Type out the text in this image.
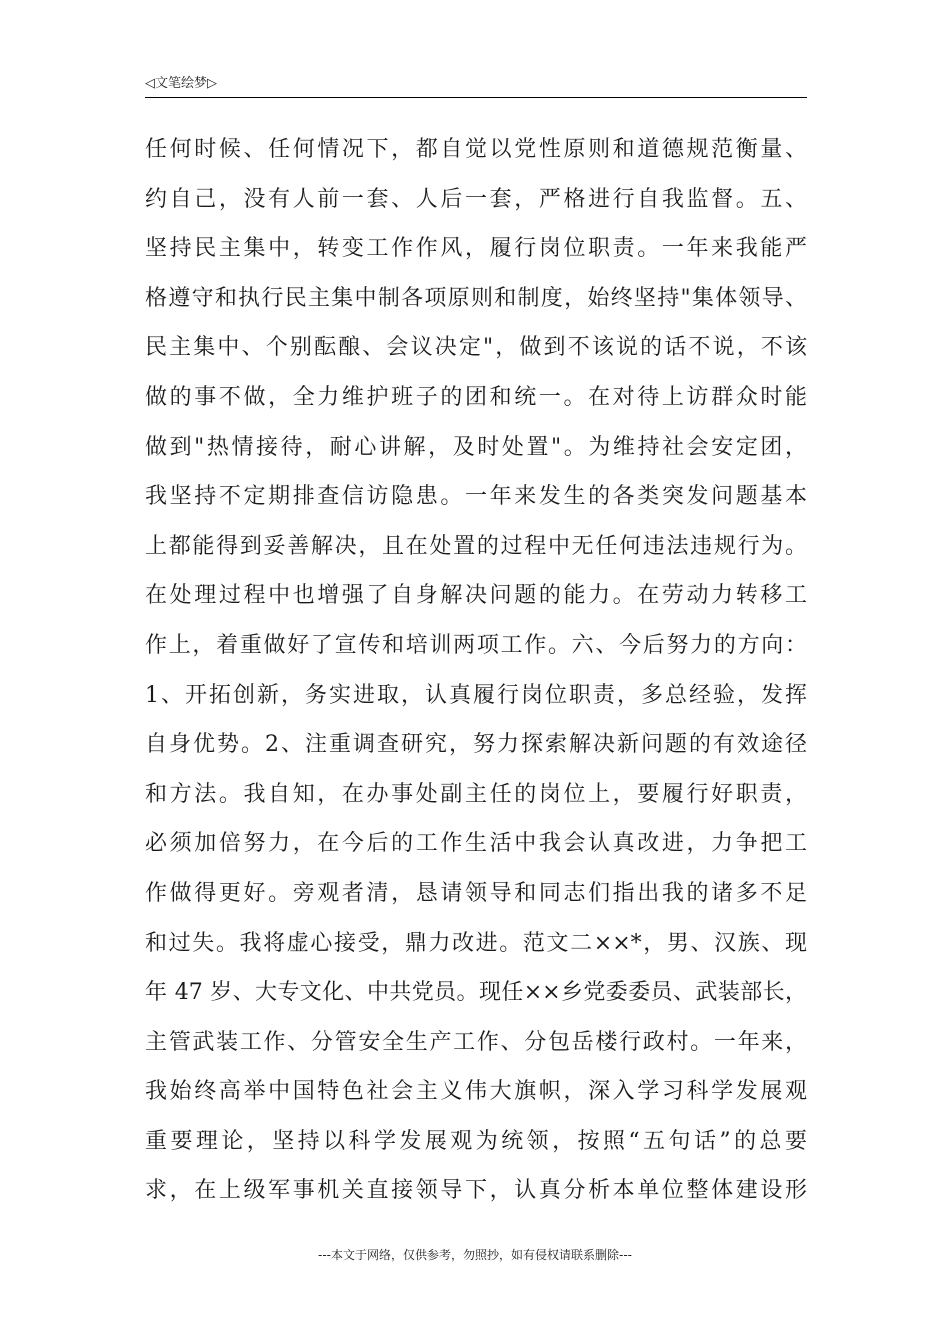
◁文笔绘梦▷
任何时候、任何情况下，都自觉以党性原则和道德规范衡量、
约自己，没有人前一套、人后一套，严格进行自我监督。五、
坚持民主集中，转变工作作风，履行岗位职责。一年来我能严
格遵守和执行民主集中制各项原则和制度，始终坚持"集体领导、
民主集中、个别酝酿、会议决定"，做到不该说的话不说，不该
做的事不做，全力维护班子的团和统一。在对待上访群众时能
做到"热情接待，耐心讲解，及时处置"。为维持社会安定团，
我坚持不定期排查信访隐患。一年来发生的各类突发问题基本
上都能得到妥善解决，且在处置的过程中无任何违法违规行为。
在处理过程中也增强了自身解决问题的能力。在劳动力转移工
作上，着重做好了宣传和培训两项工作。六、今后努力的方向：
1、开拓创新，务实进取，认真履行岗位职责，多总经验，发挥
自身优势。2、注重调查研究，努力探索解决新问题的有效途径
和方法。我自知，在办事处副主任的岗位上，要履行好职责，
必须加倍努力，在今后的工作生活中我会认真改进，力争把工
作做得更好。旁观者清，恳请领导和同志们指出我的诸多不足
和过失。我将虚心接受，鼎力改进。范文二××*，男、汉族、现
年 47 岁、大专文化、中共党员。现任××乡党委委员、武装部长，
主管武装工作、分管安全生产工作、分包岳楼行政村。一年来，
我始终高举中国特色社会主义伟大旗帜，深入学习科学发展观
重要理论，坚持以科学发展观为统领，按照“五句话”的总要
求，在上级军事机关直接领导下，认真分析本单位整体建设形
---本文于网络，仅供参考，勿照抄，如有侵权请联系删除---
